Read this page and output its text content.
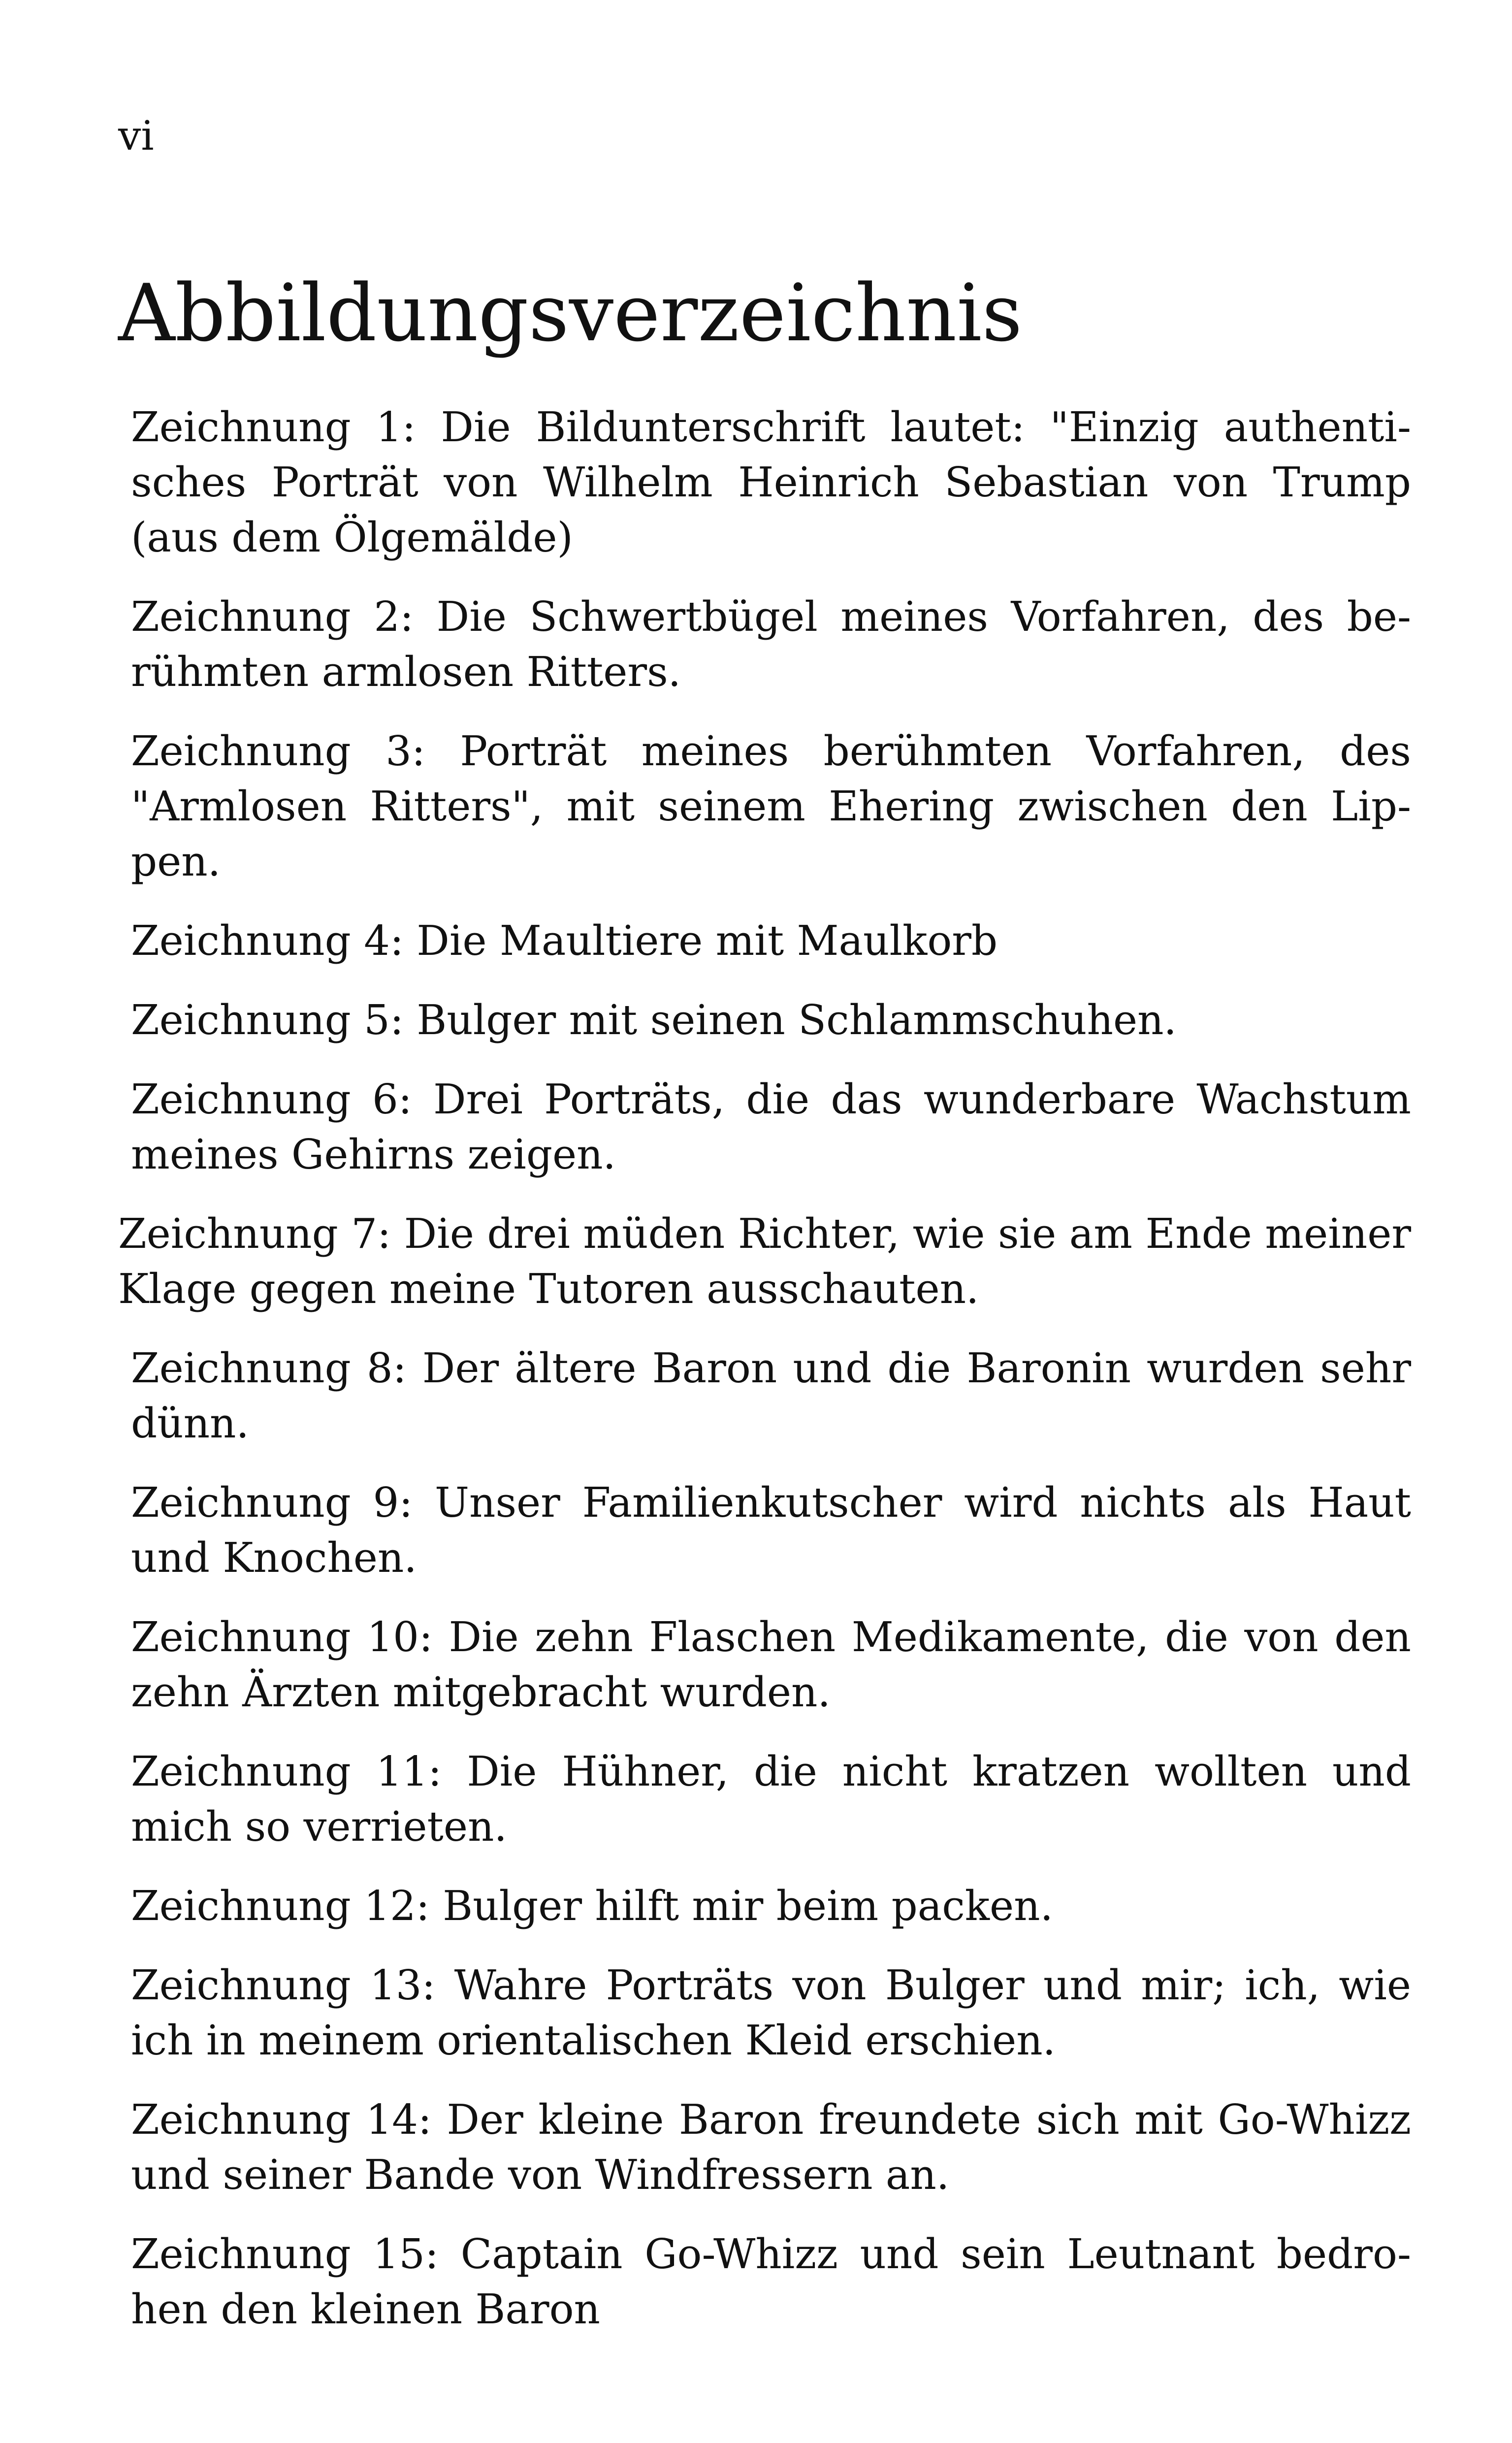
vi
Abbildungsverzeichnis
Zeichnung 1: Die Bildunterschrift lautet: "Einzig authentisches Porträt von Wilhelm Heinrich Sebastian von Trump (aus dem Ölgemälde)
Zeichnung 2: Die Schwertbügel meines Vorfahren, des berühmten armlosen Ritters.
Zeichnung 3: Porträt meines berühmten Vorfahren, des "Armlosen Ritters", mit seinem Ehering zwischen den Lippen.
Zeichnung 4: Die Maultiere mit Maulkorb
Zeichnung 5: Bulger mit seinen Schlammschuhen.
Zeichnung 6: Drei Porträts, die das wunderbare Wachstum meines Gehirns zeigen.
Zeichnung 7: Die drei müden Richter, wie sie am Ende meiner Klage gegen meine Tutoren ausschauten.
Zeichnung 8: Der ältere Baron und die Baronin wurden sehr dünn.
Zeichnung 9: Unser Familienkutscher wird nichts als Haut und Knochen.
Zeichnung 10: Die zehn Flaschen Medikamente, die von den zehn Ärzten mitgebracht wurden.
Zeichnung 11: Die Hühner, die nicht kratzen wollten und mich so verrieten.
Zeichnung 12: Bulger hilft mir beim packen.
Zeichnung 13: Wahre Porträts von Bulger und mir; ich, wie ich in meinem orientalischen Kleid erschien.
Zeichnung 14: Der kleine Baron freundete sich mit Go-Whizz und seiner Bande von Windfressern an.
Zeichnung 15: Captain Go-Whizz und sein Leutnant bedrohen den kleinen Baron
